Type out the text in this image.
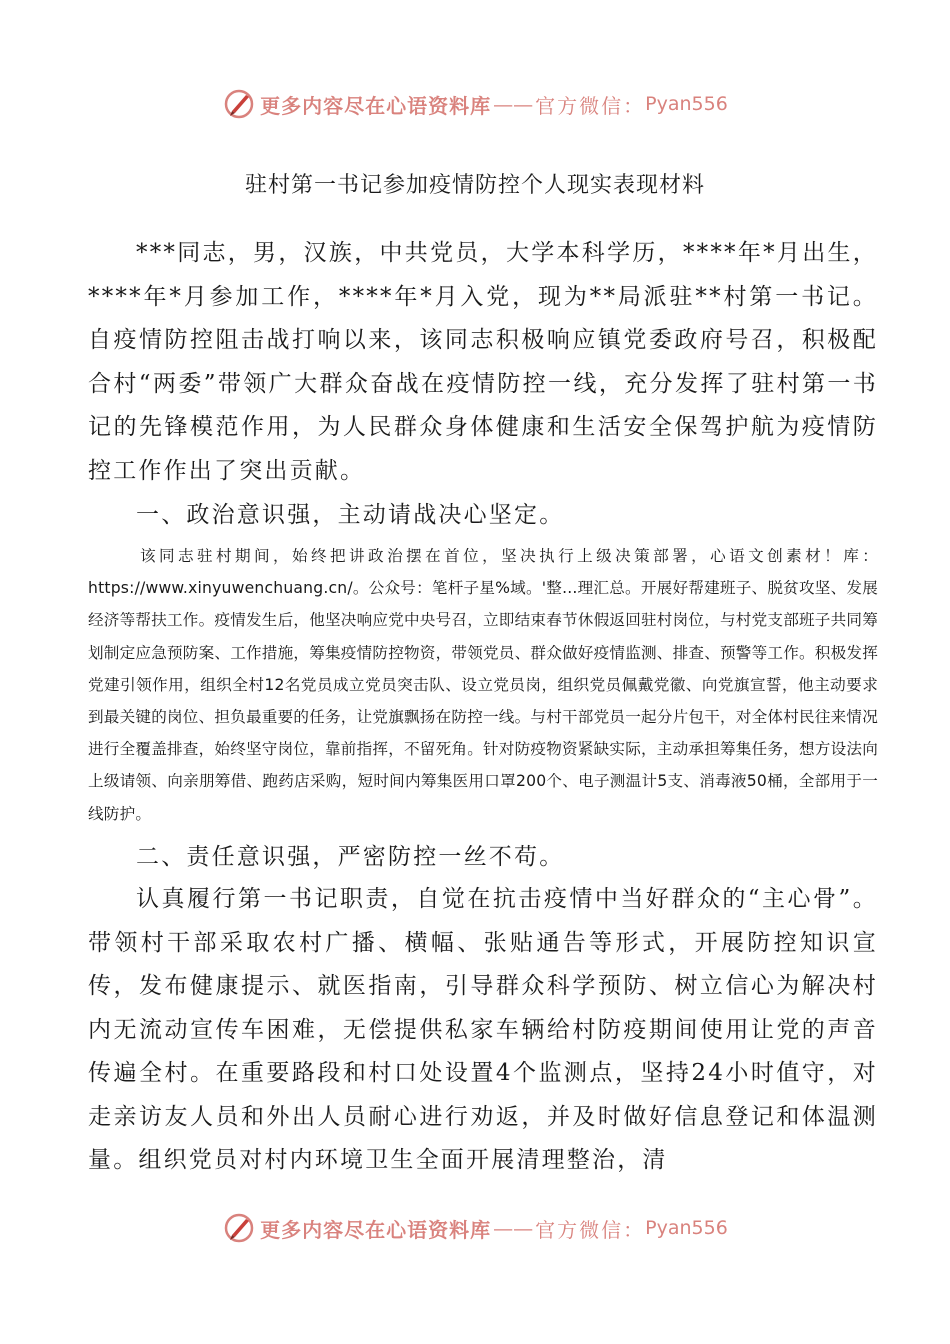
更多内容尽在心语资料库 —— 官方微信： Pyan556
驻村第一书记参加疫情防控个人现实表现材料

***同志，男，汉族，中共党员，大学本科学历，****年*月出生，****年*月参加工作，****年*月入党，现为**局派驻**村第一书记。自疫情防控阻击战打响以来，该同志积极响应镇党委政府号召，积极配合村“两委”带领广大群众奋战在疫情防控一线，充分发挥了驻村第一书记的先锋模范作用，为人民群众身体健康和生活安全保驾护航为疫情防控工作作出了突出贡献。

一、政治意识强，主动请战决心坚定。

该同志驻村期间，始终把讲政治摆在首位，坚决执行上级决策部署，心语文创素材！库：https://www.xinyuwenchuang.cn/。公众号：笔杆子星%域。'整...理汇总。开展好帮建班子、脱贫攻坚、发展经济等帮扶工作。疫情发生后，他坚决响应党中央号召，立即结束春节休假返回驻村岗位，与村党支部班子共同筹划制定应急预防案、工作措施，筹集疫情防控物资，带领党员、群众做好疫情监测、排查、预警等工作。积极发挥党建引领作用，组织全村12名党员成立党员突击队、设立党员岗，组织党员佩戴党徽、向党旗宣誓，他主动要求到最关键的岗位、担负最重要的任务，让党旗飘扬在防控一线。与村干部党员一起分片包干，对全体村民往来情况进行全覆盖排查，始终坚守岗位，靠前指挥，不留死角。针对防疫物资紧缺实际，主动承担筹集任务，想方设法向上级请领、向亲朋筹借、跑药店采购，短时间内筹集医用口罩200个、电子测温计5支、消毒液50桶，全部用于一线防护。

二、责任意识强，严密防控一丝不苟。

认真履行第一书记职责，自觉在抗击疫情中当好群众的“主心骨”。带领村干部采取农村广播、横幅、张贴通告等形式，开展防控知识宣传，发布健康提示、就医指南，引导群众科学预防、树立信心为解决村内无流动宣传车困难，无偿提供私家车辆给村防疫期间使用让党的声音传遍全村。在重要路段和村口处设置4个监测点，坚持24小时值守，对走亲访友人员和外出人员耐心进行劝返，并及时做好信息登记和体温测量。组织党员对村内环境卫生全面开展清理整治，清

更多内容尽在心语资料库 —— 官方微信： Pyan556
